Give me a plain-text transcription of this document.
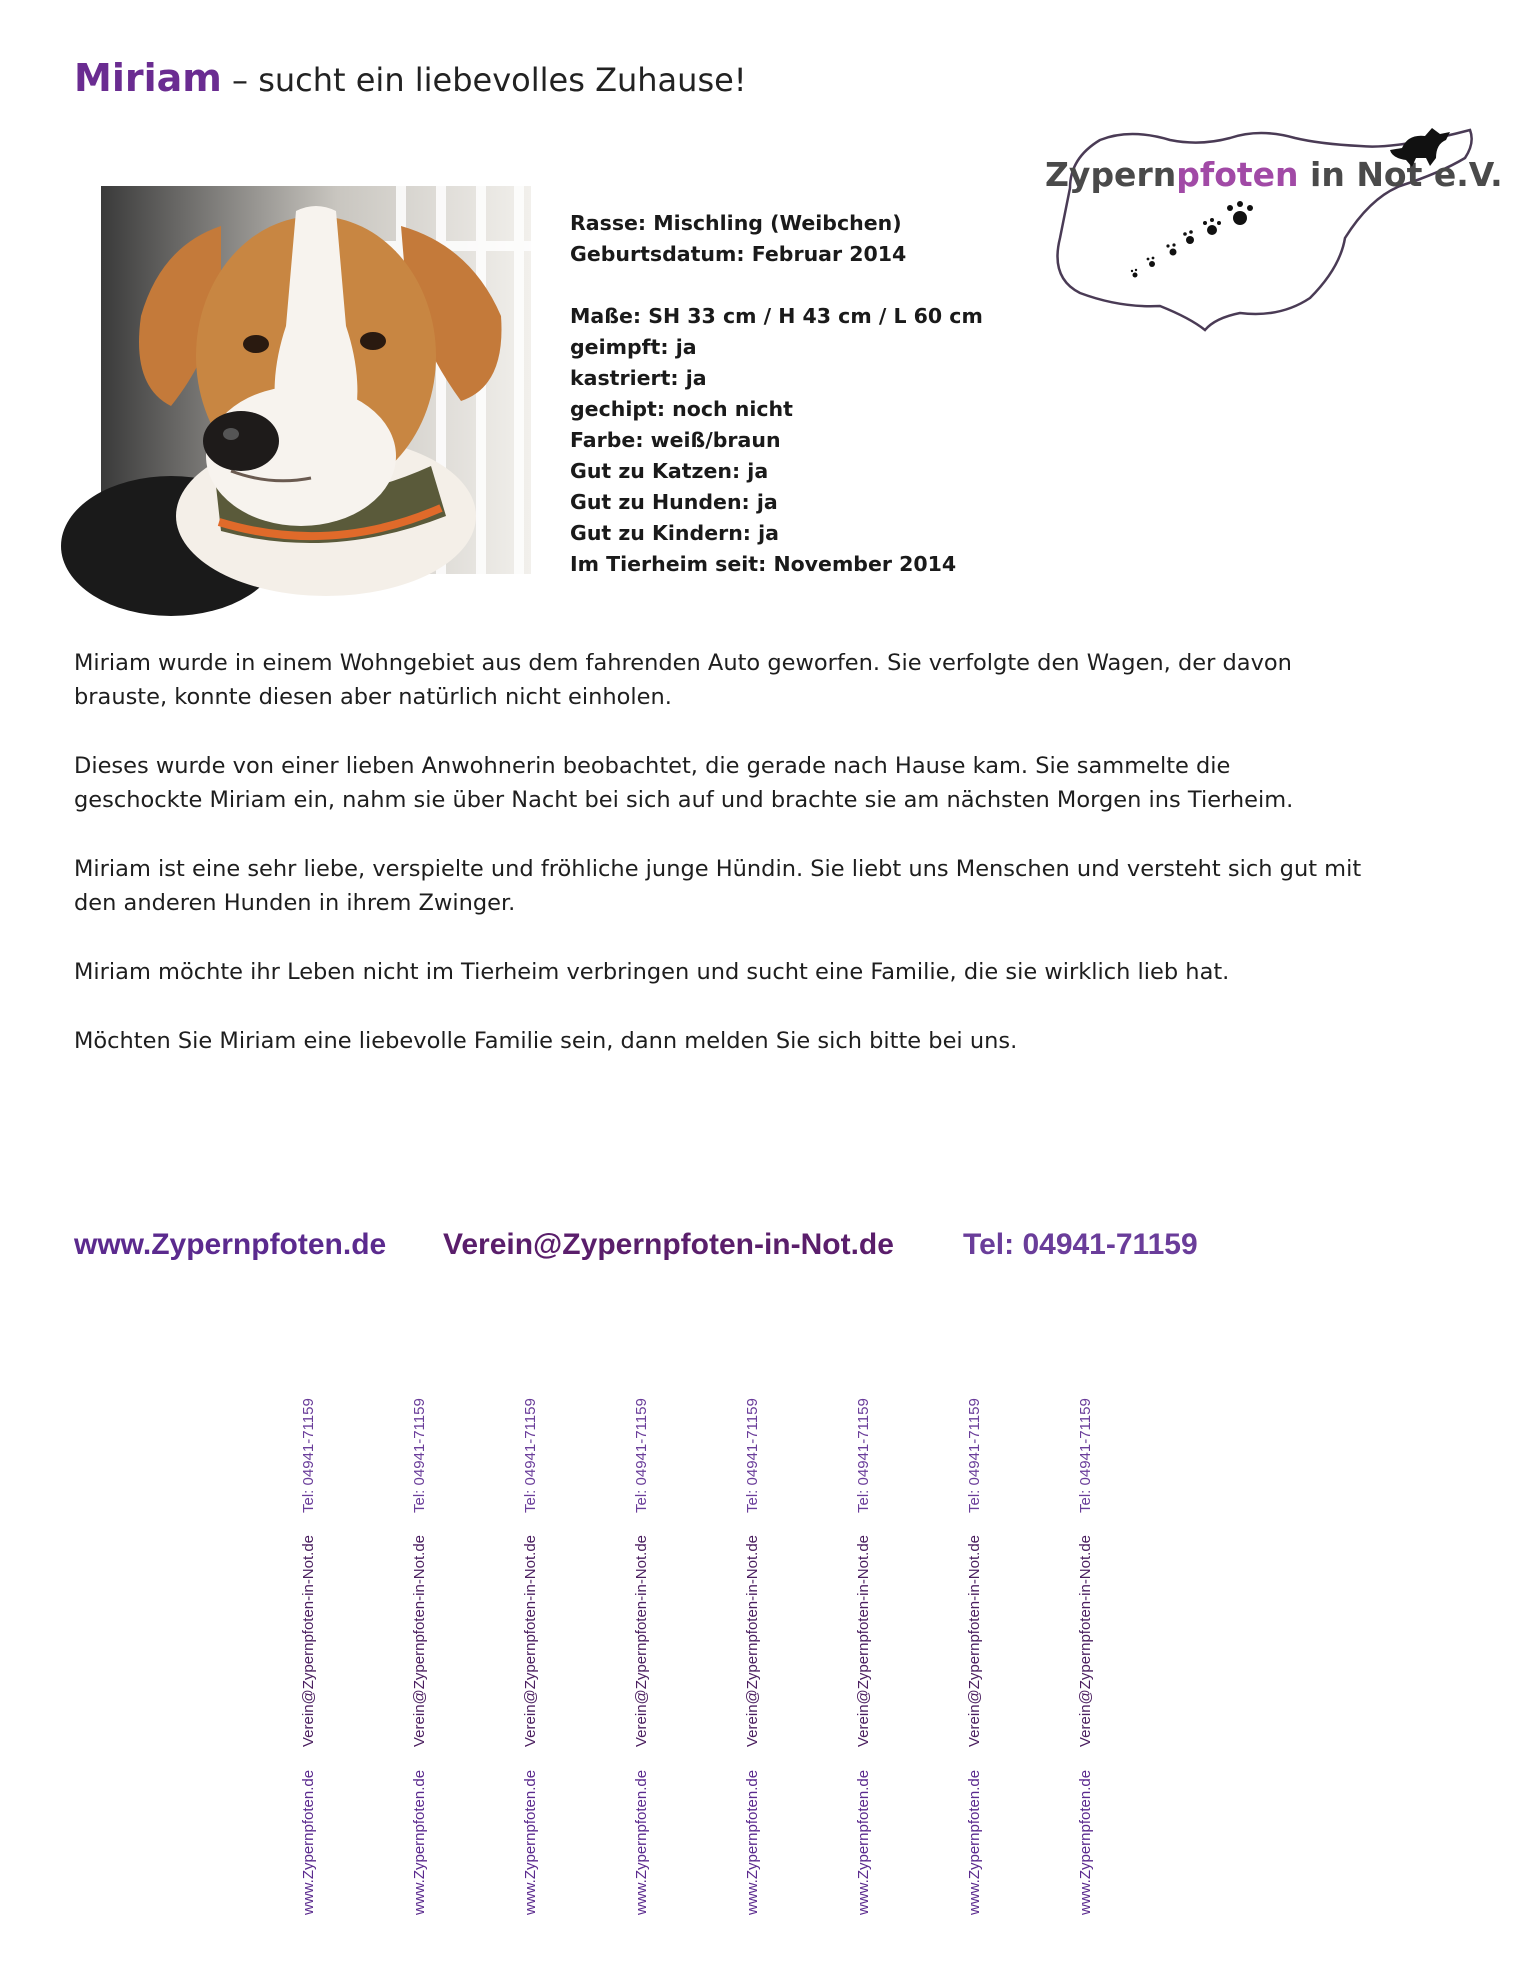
Miriam – sucht ein liebevolles Zuhause!
Zypernpfoten in Not e.V.
Rasse: Mischling (Weibchen)
Geburtsdatum: Februar 2014
Maße: SH 33 cm / H 43 cm / L 60 cm
geimpft: ja
kastriert: ja
gechipt: noch nicht
Farbe: weiß/braun
Gut zu Katzen: ja
Gut zu Hunden: ja
Gut zu Kindern: ja
Im Tierheim seit: November 2014

Miriam wurde in einem Wohngebiet aus dem fahrenden Auto geworfen. Sie verfolgte den Wagen, der davon brauste, konnte diesen aber natürlich nicht einholen.

Dieses wurde von einer lieben Anwohnerin beobachtet, die gerade nach Hause kam. Sie sammelte die geschockte Miriam ein, nahm sie über Nacht bei sich auf und brachte sie am nächsten Morgen ins Tierheim.

Miriam ist eine sehr liebe, verspielte und fröhliche junge Hündin. Sie liebt uns Menschen und versteht sich gut mit den anderen Hunden in ihrem Zwinger.

Miriam möchte ihr Leben nicht im Tierheim verbringen und sucht eine Familie, die sie wirklich lieb hat.

Möchten Sie Miriam eine liebevolle Familie sein, dann melden Sie sich bitte bei uns.

www.Zypernpfoten.de Verein@Zypernpfoten-in-Not.de Tel: 04941-71159
Tel: 04941-71159
Verein@Zypernpfoten-in-Not.de
www.Zypernpfoten.de
Tel: 04941-71159
Verein@Zypernpfoten-in-Not.de
www.Zypernpfoten.de
Tel: 04941-71159
Verein@Zypernpfoten-in-Not.de
www.Zypernpfoten.de
Tel: 04941-71159
Verein@Zypernpfoten-in-Not.de
www.Zypernpfoten.de
Tel: 04941-71159
Verein@Zypernpfoten-in-Not.de
www.Zypernpfoten.de
Tel: 04941-71159
Verein@Zypernpfoten-in-Not.de
www.Zypernpfoten.de
Tel: 04941-71159
Verein@Zypernpfoten-in-Not.de
www.Zypernpfoten.de
Tel: 04941-71159
Verein@Zypernpfoten-in-Not.de
www.Zypernpfoten.de
